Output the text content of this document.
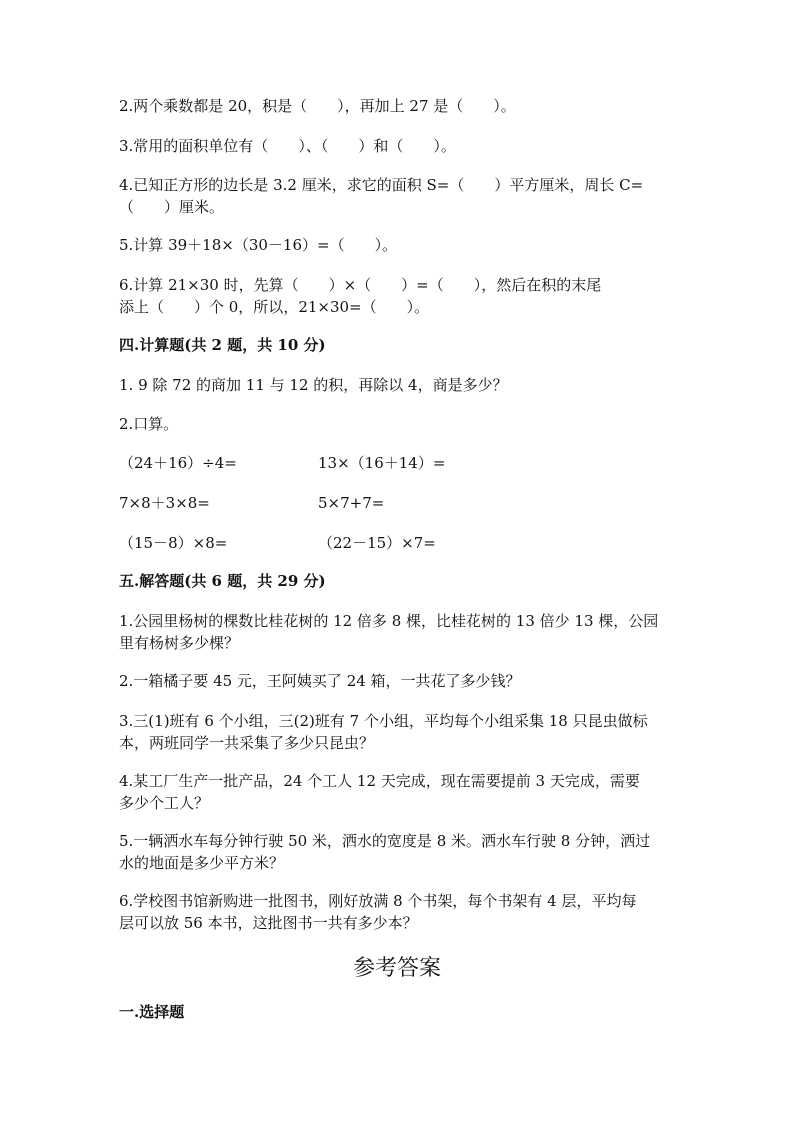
2.两个乘数都是 20，积是（　　），再加上 27 是（　　）。
3.常用的面积单位有（　　）、（　　）和（　　）。
4.已知正方形的边长是 3.2 厘米，求它的面积 S=（　　）平方厘米，周长 C=
（　　）厘米。
5.计算 39＋18×（30－16）=（　　）。
6.计算 21×30 时，先算（　　）×（　　）=（　　），然后在积的末尾
添上（　　）个 0，所以，21×30=（　　）。
四.计算题(共 2 题，共 10 分)
1. 9 除 72 的商加 11 与 12 的积，再除以 4，商是多少？
2.口算。
（24＋16）÷4=	13×（16＋14）=
7×8＋3×8=	5×7+7=
（15－8）×8=	（22－15）×7=
五.解答题(共 6 题，共 29 分)
1.公园里杨树的棵数比桂花树的 12 倍多 8 棵，比桂花树的 13 倍少 13 棵，公园
里有杨树多少棵？
2.一箱橘子要 45 元，王阿姨买了 24 箱，一共花了多少钱？
3.三(1)班有 6 个小组，三(2)班有 7 个小组，平均每个小组采集 18 只昆虫做标
本，两班同学一共采集了多少只昆虫？
4.某工厂生产一批产品，24 个工人 12 天完成，现在需要提前 3 天完成，需要
多少个工人？
5.一辆洒水车每分钟行驶 50 米，洒水的宽度是 8 米。洒水车行驶 8 分钟，洒过
水的地面是多少平方米？
6.学校图书馆新购进一批图书，刚好放满 8 个书架，每个书架有 4 层，平均每
层可以放 56 本书，这批图书一共有多少本？
参考答案
一.选择题
